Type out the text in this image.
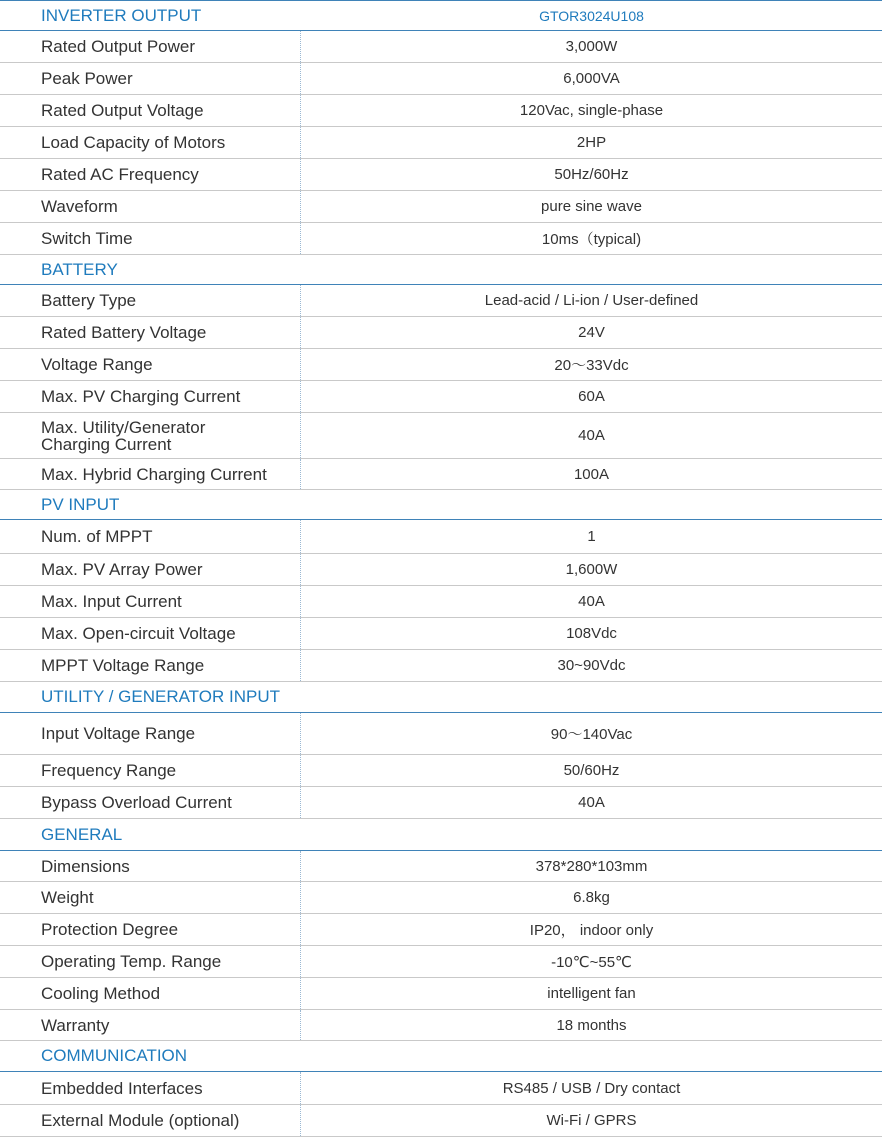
INVERTER OUTPUT	GTOR3024U108
Rated Output Power	3,000W
Peak Power	6,000VA
Rated Output Voltage	120Vac, single-phase
Load Capacity of Motors	2HP
Rated AC Frequency	50Hz/60Hz
Waveform	pure sine wave
Switch Time	10ms（typical)
BATTERY
Battery Type	Lead-acid / Li-ion / User-defined
Rated Battery Voltage	24V
Voltage Range	20～33Vdc
Max. PV Charging Current	60A
Max. Utility/Generator
Charging Current	40A
Max. Hybrid Charging Current	100A
PV INPUT
Num. of MPPT	1
Max. PV Array Power	1,600W
Max. Input Current	40A
Max. Open-circuit Voltage	108Vdc
MPPT Voltage Range	30~90Vdc
UTILITY / GENERATOR INPUT
Input Voltage Range	90～140Vac
Frequency Range	50/60Hz
Bypass Overload Current	40A
GENERAL
Dimensions	378*280*103mm
Weight	6.8kg
Protection Degree	IP20， indoor only
Operating Temp. Range	-10℃~55℃
Cooling Method	intelligent fan
Warranty	18 months
COMMUNICATION
Embedded Interfaces	RS485 / USB / Dry contact
External Module (optional)	Wi-Fi / GPRS
